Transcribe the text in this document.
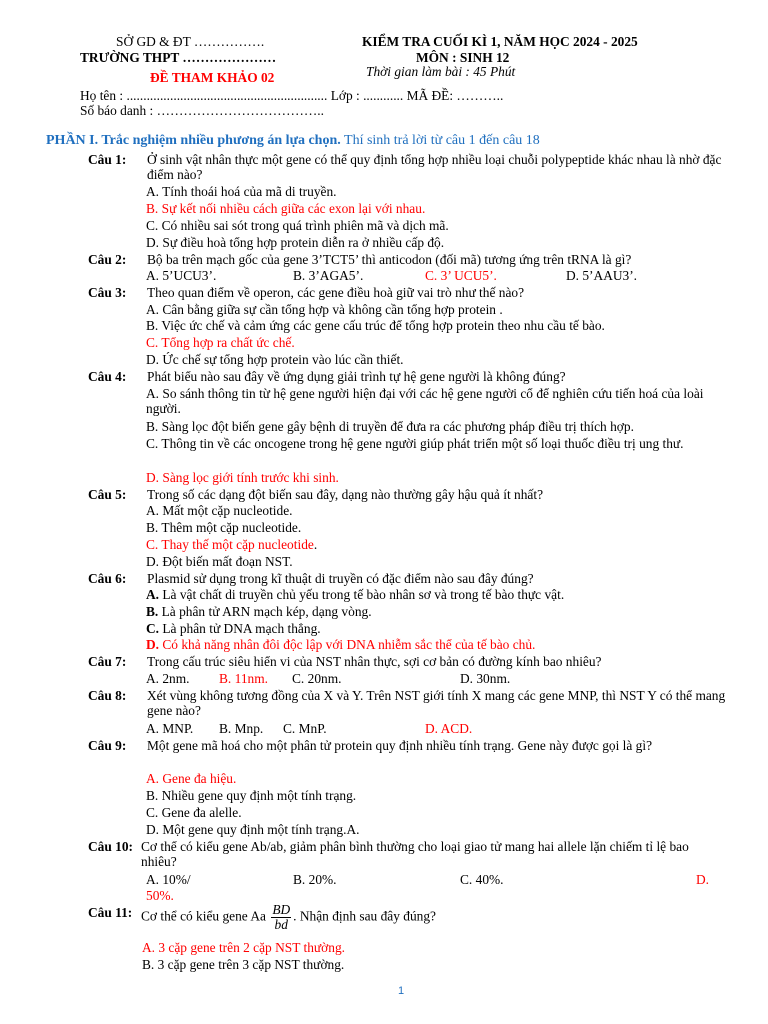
SỞ GD & ĐT …………….
TRƯỜNG THPT …………………
ĐỀ THAM KHẢO 02
KIỂM TRA CUỐI KÌ 1, NĂM HỌC 2024 - 2025
MÔN : SINH 12
Thời gian làm bài : 45 Phút
Họ tên : ............................................................ Lớp : ............ MÃ ĐỀ: ………..
Số báo danh : ………………………………..
PHẦN I. Trắc nghiệm nhiều phương án lựa chọn. Thí sinh trả lời từ câu 1 đến câu 18
Câu 1: Ở sinh vật nhân thực một gene có thể quy định tổng hợp nhiều loại chuỗi polypeptide khác nhau là nhờ đặc điểm nào?
A. Tính thoái hoá của mã di truyền.
B. Sự kết nối nhiều cách giữa các exon lại với nhau.
C. Có nhiều sai sót trong quá trình phiên mã và dịch mã.
D. Sự điều hoà tổng hợp protein diễn ra ở nhiều cấp độ.
Câu 2: Bộ ba trên mạch gốc của gene 3’TCT5’ thì anticodon (đối mã) tương ứng trên tRNA là gì?
A. 5’UCU3’.	B. 3’AGA5’.	C. 3’ UCU5’.	D. 5’AAU3’.
Câu 3: Theo quan điểm về operon, các gene điều hoà giữ vai trò như thế nào?
A. Cân bằng giữa sự cần tổng hợp và không cần tổng hợp protein .
B. Việc ức chế và cảm ứng các gene cấu trúc để tổng hợp protein theo nhu cầu tế bào.
C. Tổng hợp ra chất ức chế.
D. Ức chế sự tổng hợp protein vào lúc cần thiết.
Câu 4: Phát biểu nào sau đây về ứng dụng giải trình tự hệ gene người là không đúng?
A. So sánh thông tin từ hệ gene người hiện đại với các hệ gene người cổ để nghiên cứu tiến hoá của loài người.
B. Sàng lọc đột biến gene gây bệnh di truyền để đưa ra các phương pháp điều trị thích hợp.
C. Thông tin về các oncogene trong hệ gene người giúp phát triển một số loại thuốc điều trị ung thư.
D. Sàng lọc giới tính trước khi sinh.
Câu 5: Trong số các dạng đột biến sau đây, dạng nào thường gây hậu quả ít nhất?
A. Mất một cặp nucleotide.
B. Thêm một cặp nucleotide.
C. Thay thế một cặp nucleotide.
D. Đột biến mất đoạn NST.
Câu 6: Plasmid sử dụng trong kĩ thuật di truyền có đặc điểm nào sau đây đúng?
A. Là vật chất di truyền chủ yếu trong tế bào nhân sơ và trong tế bào thực vật.
B. Là phân tử ARN mạch kép, dạng vòng.
C. Là phân tử DNA mạch thẳng.
D. Có khả năng nhân đôi độc lập với DNA nhiễm sắc thể của tế bào chủ.
Câu 7: Trong cấu trúc siêu hiển vi của NST nhân thực, sợi cơ bản có đường kính bao nhiêu?
A. 2nm. B. 11nm. C. 20nm.	D. 30nm.
Câu 8: Xét vùng không tương đồng của X và Y. Trên NST giới tính X mang các gene MNP, thì NST Y có thể mang gene nào?
A. MNP. B. Mnp. C. MnP.	D. ACD.
Câu 9: Một gene mã hoá cho một phân tử protein quy định nhiều tính trạng. Gene này được gọi là gì?
A. Gene đa hiệu.
B. Nhiều gene quy định một tính trạng.
C. Gene đa alelle.
D. Một gene quy định một tính trạng.A.
Câu 10: Cơ thể có kiểu gene Ab/ab, giảm phân bình thường cho loại giao tử mang hai allele lặn chiếm tỉ lệ bao nhiêu?
A. 10%/	B. 20%.	C. 40%.	D.
50%.
Câu 11: Cơ thể có kiểu gene Aa $\frac{BD}{bd}$ . Nhận định sau đây đúng?
A. 3 cặp gene trên 2 cặp NST thường.
B. 3 cặp gene trên 3 cặp NST thường.
1
